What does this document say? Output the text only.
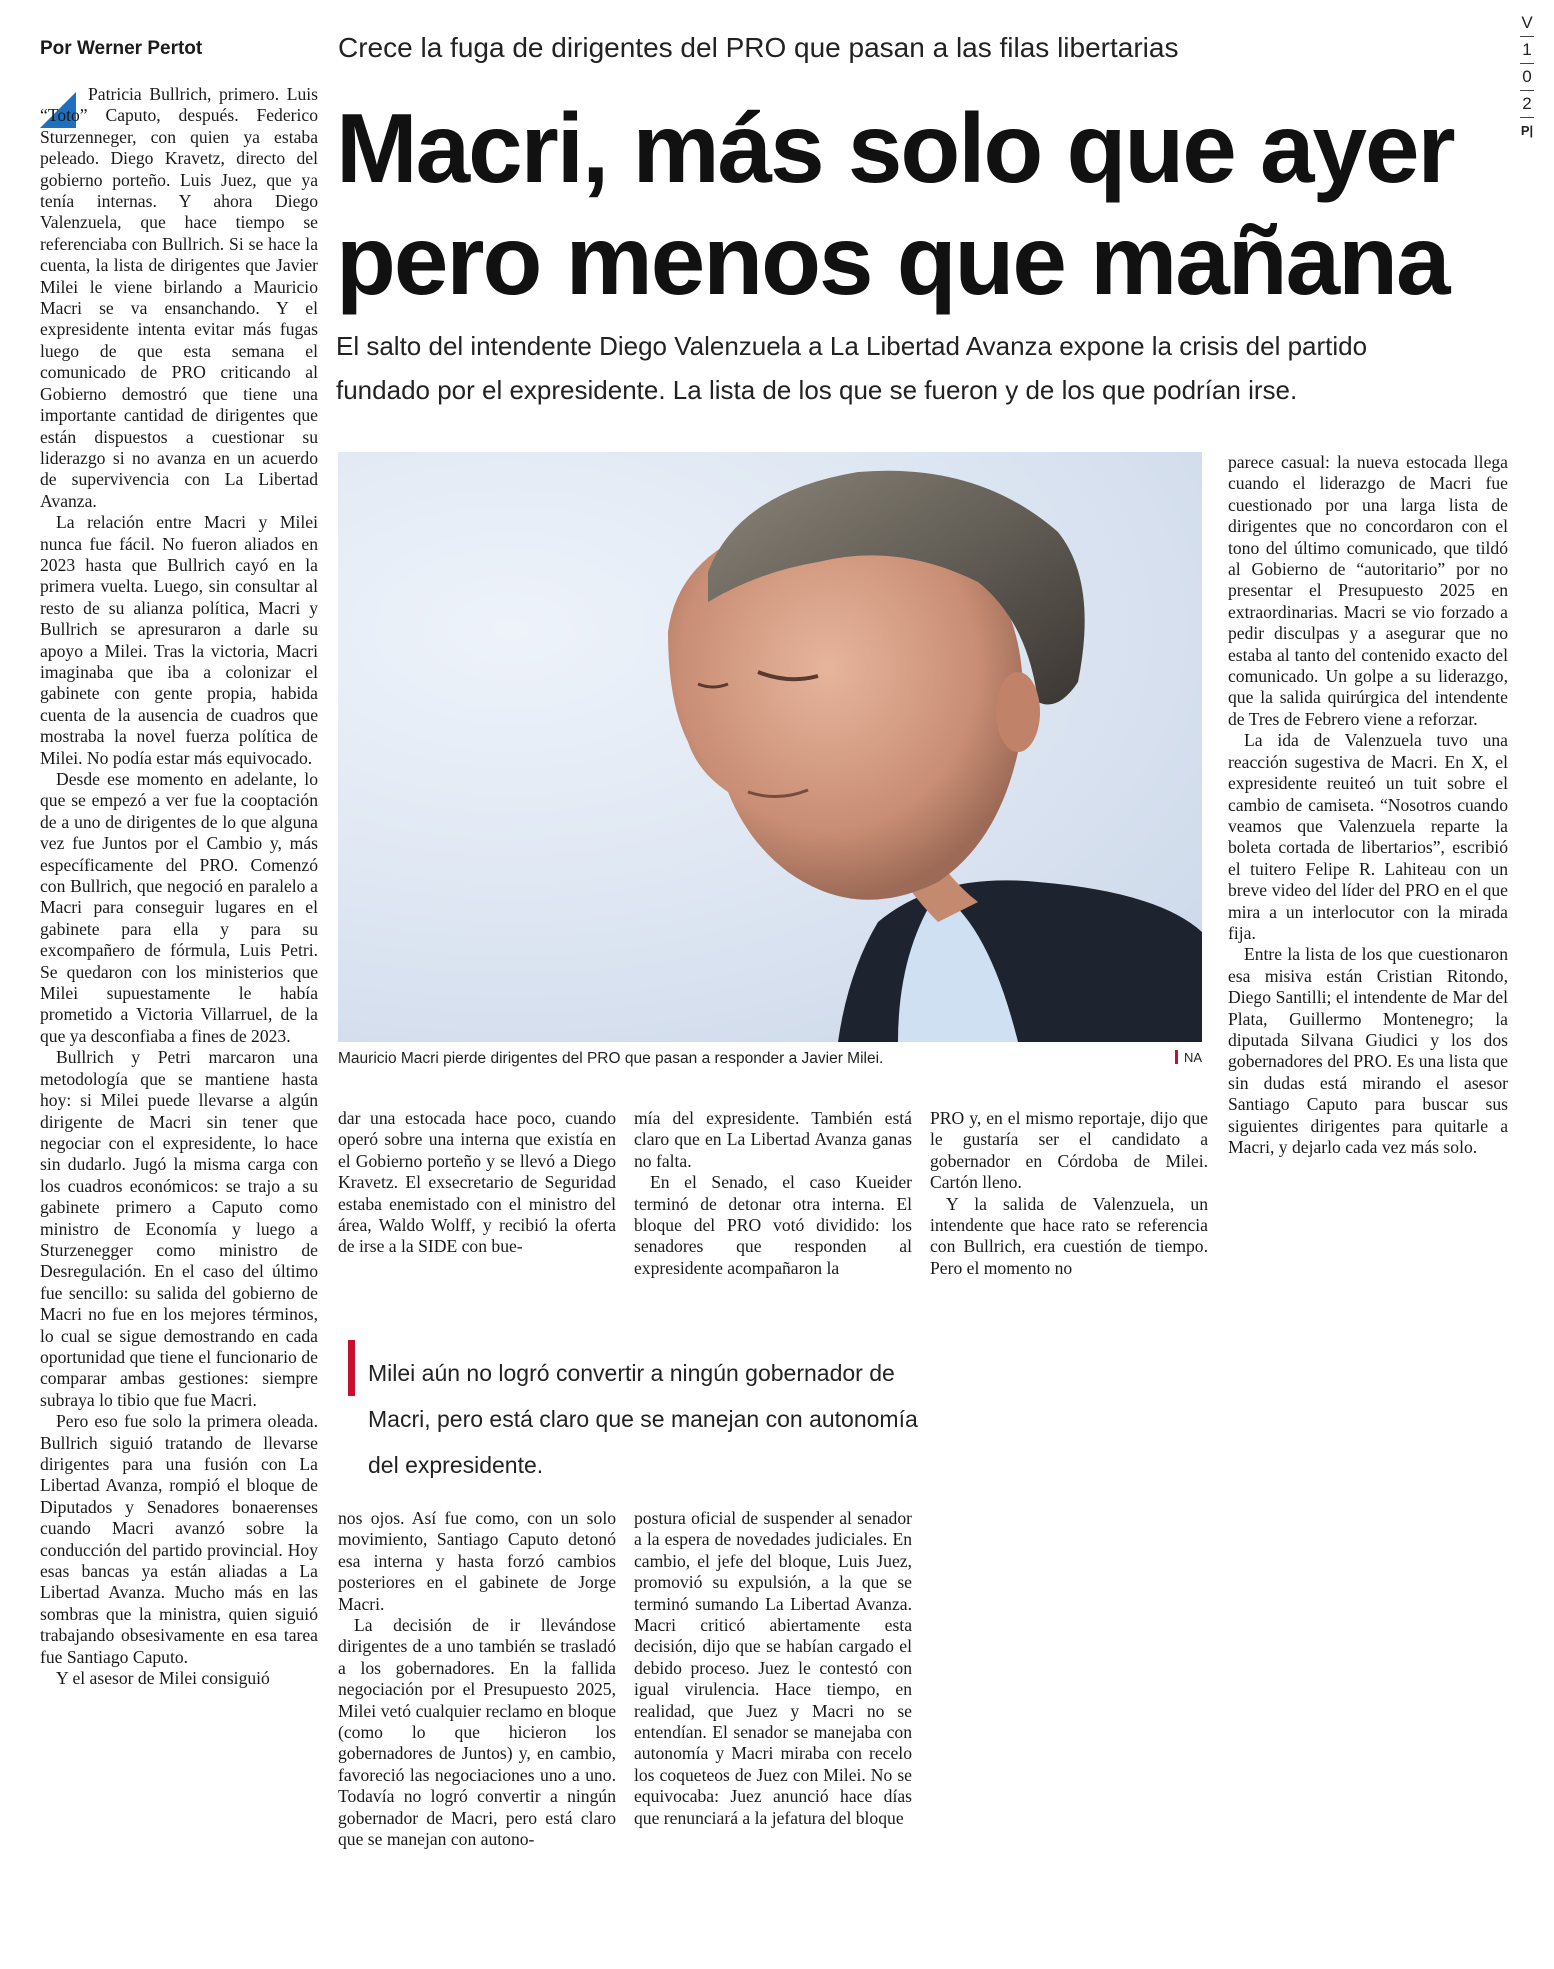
V
1
0
2
P|
Por Werner Pertot	Crece la fuga de dirigentes del PRO que pasan a las filas libertarias
Macri, más solo que ayer
pero menos que mañana
El salto del intendente Diego Valenzuela a La Libertad Avanza expone la crisis del partido fundado por el expresidente. La lista de los que se fueron y de los que podrían irse.

Patricia Bullrich, primero. Luis “Toto” Caputo, después. Federico Sturzenneger, con quien ya estaba peleado. Diego Kravetz, directo del gobierno porteño. Luis Juez, que ya tenía internas. Y ahora Diego Valenzuela, que hace tiempo se referenciaba con Bullrich. Si se hace la cuenta, la lista de dirigentes que Javier Milei le viene birlando a Mauricio Macri se va ensanchando. Y el expresidente intenta evitar más fugas luego de que esta semana el comunicado de PRO criticando al Gobierno demostró que tiene una importante cantidad de dirigentes que están dispuestos a cuestionar su liderazgo si no avanza en un acuerdo de supervivencia con La Libertad Avanza.

La relación entre Macri y Milei nunca fue fácil. No fueron aliados en 2023 hasta que Bullrich cayó en la primera vuelta. Luego, sin consultar al resto de su alianza política, Macri y Bullrich se apresuraron a darle su apoyo a Milei. Tras la victoria, Macri imaginaba que iba a colonizar el gabinete con gente propia, habida cuenta de la ausencia de cuadros que mostraba la novel fuerza política de Milei. No podía estar más equivocado.

Desde ese momento en adelante, lo que se empezó a ver fue la cooptación de a uno de dirigentes de lo que alguna vez fue Juntos por el Cambio y, más específicamente del PRO. Comenzó con Bullrich, que negoció en paralelo a Macri para conseguir lugares en el gabinete para ella y para su excompañero de fórmula, Luis Petri. Se quedaron con los ministerios que Milei supuestamente le había prometido a Victoria Villarruel, de la que ya desconfiaba a fines de 2023.

Bullrich y Petri marcaron una metodología que se mantiene hasta hoy: si Milei puede llevarse a algún dirigente de Macri sin tener que negociar con el expresidente, lo hace sin dudarlo. Jugó la misma carga con los cuadros económicos: se trajo a su gabinete primero a Caputo como ministro de Economía y luego a Sturzenegger como ministro de Desregulación. En el caso del último fue sencillo: su salida del gobierno de Macri no fue en los mejores términos, lo cual se sigue demostrando en cada oportunidad que tiene el funcionario de comparar ambas gestiones: siempre subraya lo tibio que fue Macri.

Pero eso fue solo la primera oleada. Bullrich siguió tratando de llevarse dirigentes para una fusión con La Libertad Avanza, rompió el bloque de Diputados y Senadores bonaerenses cuando Macri avanzó sobre la conducción del partido provincial. Hoy esas bancas ya están aliadas a La Libertad Avanza. Mucho más en las sombras que la ministra, quien siguió trabajando obsesivamente en esa tarea fue Santiago Caputo.

Y el asesor de Milei consiguió

Mauricio Macri pierde dirigentes del PRO que pasan a responder a Javier Milei.	NA

parece casual: la nueva estocada llega cuando el liderazgo de Macri fue cuestionado por una larga lista de dirigentes que no concordaron con el tono del último comunicado, que tildó al Gobierno de “autoritario” por no presentar el Presupuesto 2025 en extraordinarias. Macri se vio forzado a pedir disculpas y a asegurar que no estaba al tanto del contenido exacto del comunicado. Un golpe a su liderazgo, que la salida quirúrgica del intendente de Tres de Febrero viene a reforzar.

La ida de Valenzuela tuvo una reacción sugestiva de Macri. En X, el expresidente reuiteó un tuit sobre el cambio de camiseta. “Nosotros cuando veamos que Valenzuela reparte la boleta cortada de libertarios”, escribió el tuitero Felipe R. Lahiteau con un breve video del líder del PRO en el que mira a un interlocutor con la mirada fija.

Entre la lista de los que cuestionaron esa misiva están Cristian Ritondo, Diego Santilli; el intendente de Mar del Plata, Guillermo Montenegro; la diputada Silvana Giudici y los dos gobernadores del PRO. Es una lista que sin dudas está mirando el asesor Santiago Caputo para buscar sus siguientes dirigentes para quitarle a Macri, y dejarlo cada vez más solo.

dar una estocada hace poco, cuando operó sobre una interna que existía en el Gobierno porteño y se llevó a Diego Kravetz. El exsecretario de Seguridad estaba enemistado con el ministro del área, Waldo Wolff, y recibió la oferta de irse a la SIDE con bue-

mía del expresidente. También está claro que en La Libertad Avanza ganas no falta.

En el Senado, el caso Kueider terminó de detonar otra interna. El bloque del PRO votó dividido: los senadores que responden al expresidente acompañaron la

PRO y, en el mismo reportaje, dijo que le gustaría ser el candidato a gobernador en Córdoba de Milei. Cartón lleno.

Y la salida de Valenzuela, un intendente que hace rato se referencia con Bullrich, era cuestión de tiempo. Pero el momento no

Milei aún no logró convertir a ningún gobernador de Macri, pero está claro que se manejan con autonomía del expresidente.

nos ojos. Así fue como, con un solo movimiento, Santiago Caputo detonó esa interna y hasta forzó cambios posteriores en el gabinete de Jorge Macri.

La decisión de ir llevándose dirigentes de a uno también se trasladó a los gobernadores. En la fallida negociación por el Presupuesto 2025, Milei vetó cualquier reclamo en bloque (como lo que hicieron los gobernadores de Juntos) y, en cambio, favoreció las negociaciones uno a uno. Todavía no logró convertir a ningún gobernador de Macri, pero está claro que se manejan con autono-

postura oficial de suspender al senador a la espera de novedades judiciales. En cambio, el jefe del bloque, Luis Juez, promovió su expulsión, a la que se terminó sumando La Libertad Avanza. Macri criticó abiertamente esta decisión, dijo que se habían cargado el debido proceso. Juez le contestó con igual virulencia. Hace tiempo, en realidad, que Juez y Macri no se entendían. El senador se manejaba con autonomía y Macri miraba con recelo los coqueteos de Juez con Milei. No se equivocaba: Juez anunció hace días que renunciará a la jefatura del bloque
